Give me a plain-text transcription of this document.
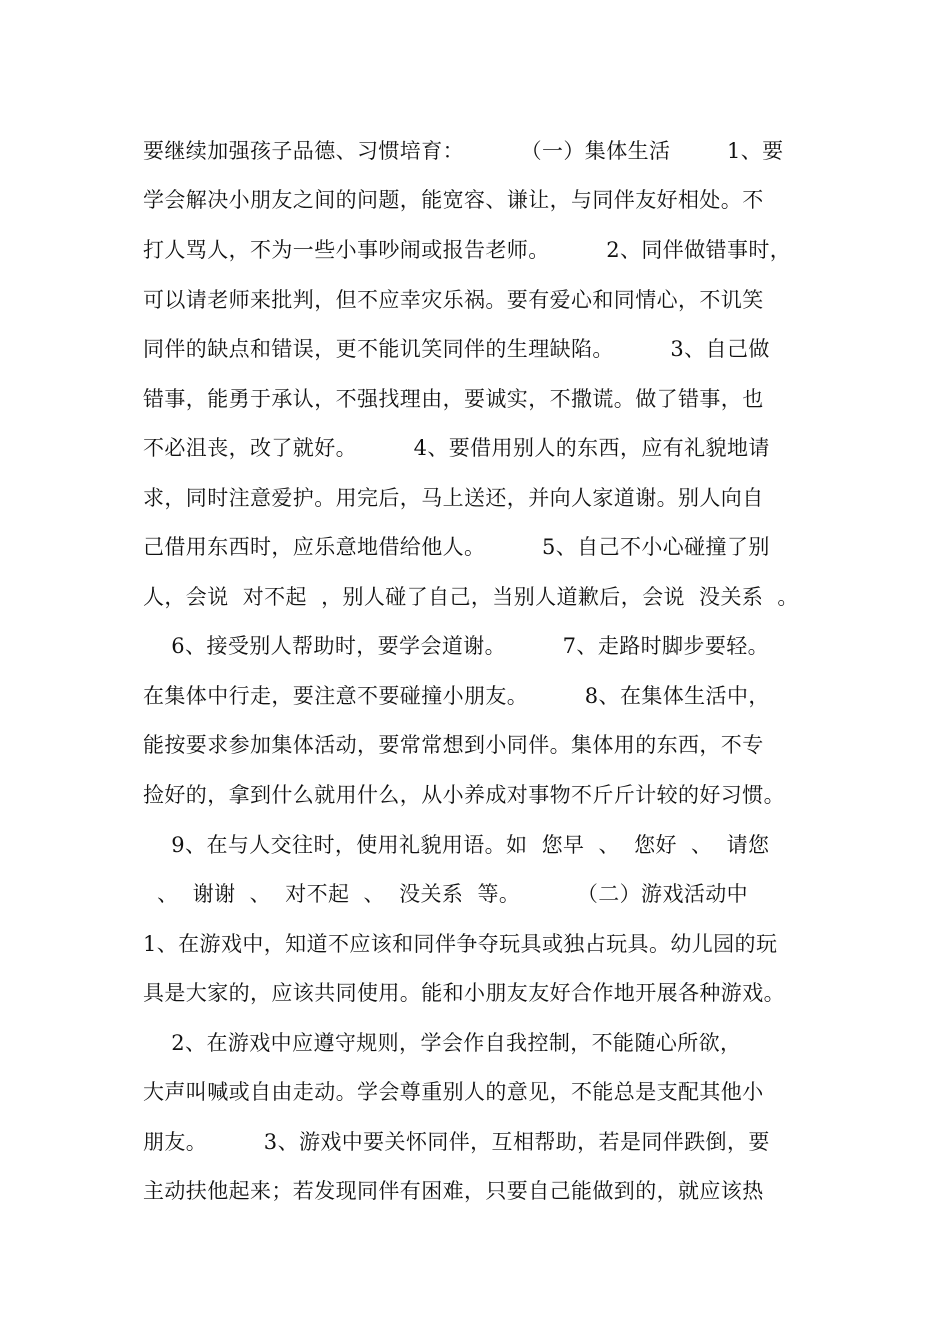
要继续加强孩子品德、习惯培育：        （一）集体生活        1、要
学会解决小朋友之间的问题，能宽容、谦让，与同伴友好相处。不
打人骂人，不为一些小事吵闹或报告老师。        2、同伴做错事时，
可以请老师来批判，但不应幸灾乐祸。要有爱心和同情心，不讥笑
同伴的缺点和错误，更不能讥笑同伴的生理缺陷。        3、自己做
错事，能勇于承认，不强找理由，要诚实，不撒谎。做了错事，也
不必沮丧，改了就好。        4、要借用别人的东西，应有礼貌地请
求，同时注意爱护。用完后，马上送还，并向人家道谢。别人向自
己借用东西时，应乐意地借给他人。        5、自己不小心碰撞了别
人，会说  对不起  ，别人碰了自己，当别人道歉后，会说  没关系  。
6、接受别人帮助时，要学会道谢。        7、走路时脚步要轻。
在集体中行走，要注意不要碰撞小朋友。        8、在集体生活中，
能按要求参加集体活动，要常常想到小同伴。集体用的东西，不专
捡好的，拿到什么就用什么，从小养成对事物不斤斤计较的好习惯。
9、在与人交往时，使用礼貌用语。如  您早  、  您好  、  请您
、  谢谢  、  对不起  、  没关系  等。        （二）游戏活动中
1、在游戏中，知道不应该和同伴争夺玩具或独占玩具。幼儿园的玩
具是大家的，应该共同使用。能和小朋友友好合作地开展各种游戏。
2、在游戏中应遵守规则，学会作自我控制，不能随心所欲，
大声叫喊或自由走动。学会尊重别人的意见，不能总是支配其他小
朋友。        3、游戏中要关怀同伴，互相帮助，若是同伴跌倒，要
主动扶他起来；若发现同伴有困难，只要自己能做到的，就应该热
